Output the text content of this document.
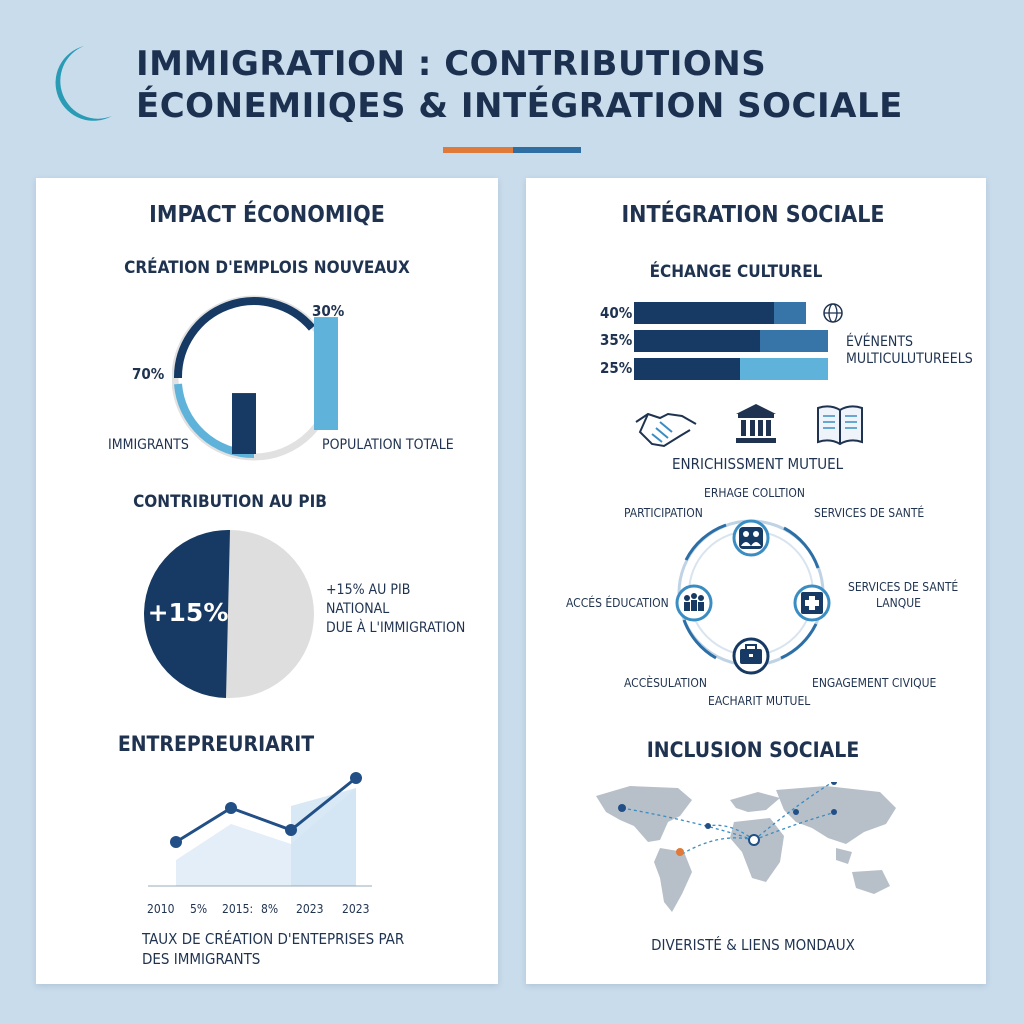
IMMIGRATION : CONTRIBUTIONS
ÉCONEMIIQES & INTÉGRATION SOCIALE
IMPACT ÉCONOMIQE
CRÉATION D'EMPLOIS NOUVEAUX
30%
70%
IMMIGRANTS	POPULATION TOTALE
CONTRIBUTION AU PIB
+15%
+15% AU PIB
NATIONAL
DUE À L'IMMIGRATION
ENTREPREURIARIT
2010 5% 2015: 8% 2023 2023
TAUX DE CRÉATION D'ENTEPRISES PAR
DES IMMIGRANTS
INTÉGRATION SOCIALE
ÉCHANGE CULTUREL
40%
35%
25%
ÉVÉNENTS
MULTICULUTUREELS
ENRICHISSMENT MUTUEL
ERHAGE COLLTION
PARTICIPATION	SERVICES DE SANTÉ
SERVICES DE SANTÉ
LANQUE
ACCÉS ÉDUCATION
ACCÈSULATION	ENGAGEMENT CIVIQUE
EACHARIT MUTUEL
INCLUSION SOCIALE
DIVERISTÉ & LIENS MONDAUX
